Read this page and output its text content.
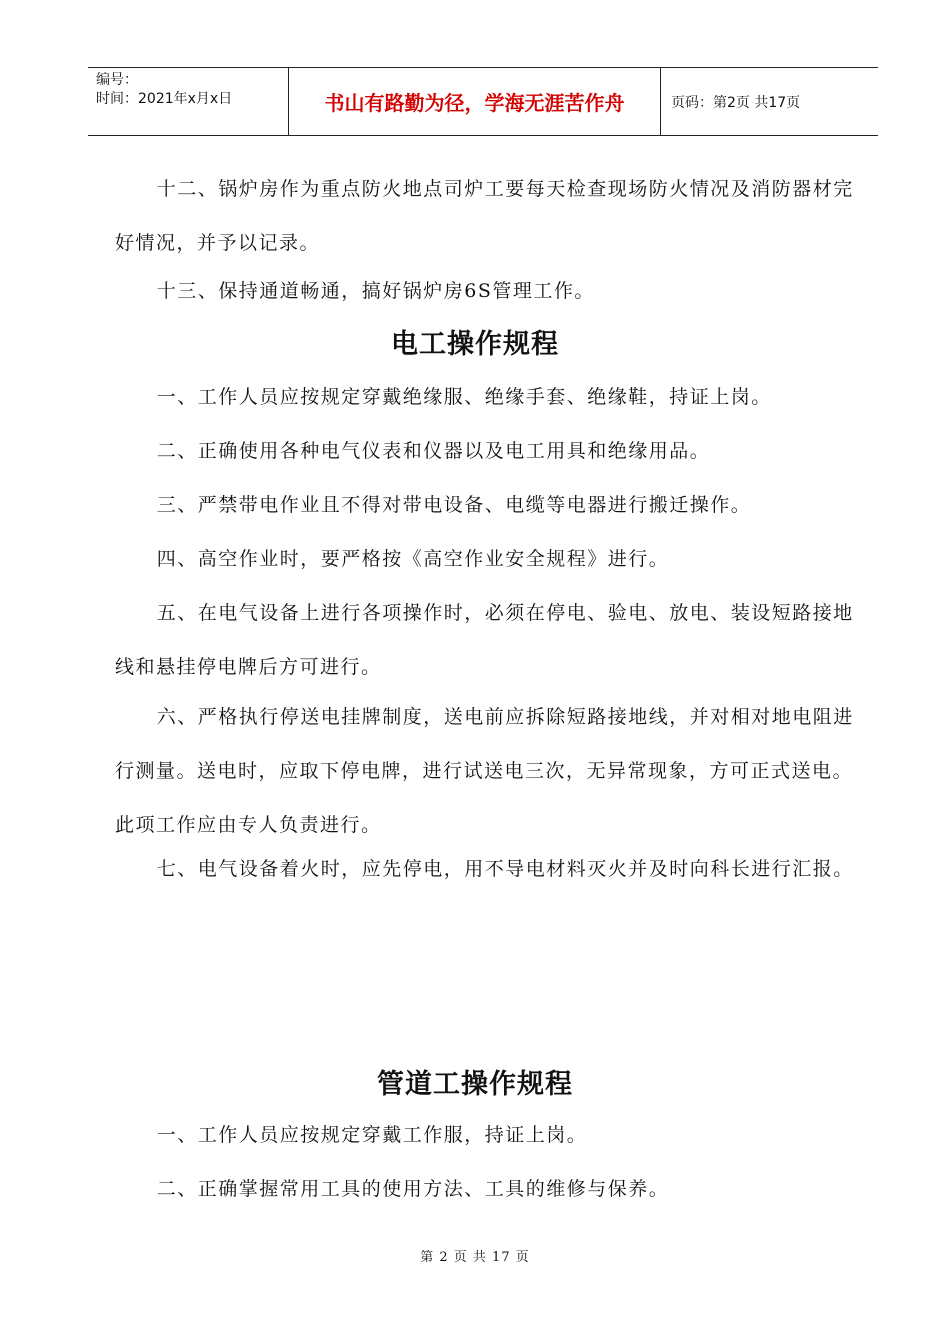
编号：
时间：2021年x月x日	书山有路勤为径，学海无涯苦作舟	页码：第2页 共17页

十二、锅炉房作为重点防火地点司炉工要每天检查现场防火情况及消防器材完好情况，并予以记录。

十三、保持通道畅通，搞好锅炉房6S管理工作。

电工操作规程

一、工作人员应按规定穿戴绝缘服、绝缘手套、绝缘鞋，持证上岗。

二、正确使用各种电气仪表和仪器以及电工用具和绝缘用品。

三、严禁带电作业且不得对带电设备、电缆等电器进行搬迁操作。

四、高空作业时，要严格按《高空作业安全规程》进行。

五、在电气设备上进行各项操作时，必须在停电、验电、放电、装设短路接地线和悬挂停电牌后方可进行。

六、严格执行停送电挂牌制度，送电前应拆除短路接地线，并对相对地电阻进行测量。送电时，应取下停电牌，进行试送电三次，无异常现象，方可正式送电。此项工作应由专人负责进行。

七、电气设备着火时，应先停电，用不导电材料灭火并及时向科长进行汇报。

管道工操作规程

一、工作人员应按规定穿戴工作服，持证上岗。

二、正确掌握常用工具的使用方法、工具的维修与保养。

第 2 页 共 17 页
